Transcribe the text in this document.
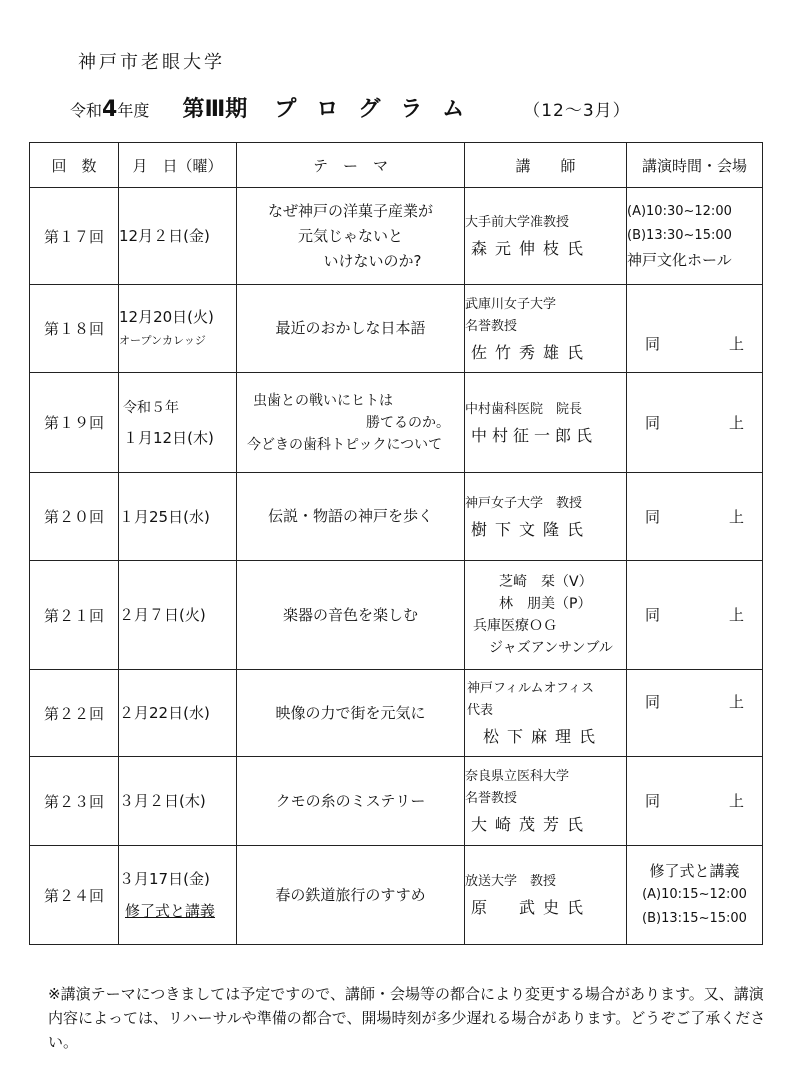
神戸市老眼大学
令和4年度 第Ⅲ期 プログラム （12～3月）
回　数	月　日（曜）	テ　ー　マ	講　　師	講演時間・会場
第１７回	12月２日(金)	なぜ神戸の洋菓子産業が
元気じゃないと
いけないのか?	大手前大学准教授
森元伸枝氏	(A)10:30~12:00
(B)13:30~15:00
神戸文化ホール

第１８回	12月20日(火)
オープンカレッジ	最近のおかしな日本語	武庫川女子大学
名誉教授
佐竹秀雄氏	同 上

第１９回	令和５年
１月12日(木)	虫歯との戦いにヒトは
勝てるのか。
今どきの歯科トピックについて	中村歯科医院　院長
中村征一郎氏	同 上

第２０回	１月25日(水)	伝説・物語の神戸を歩く	神戸女子大学　教授
樹下文隆氏	同 上

第２１回	２月７日(火)	楽器の音色を楽しむ	芝崎　栞（V）
林　朋美（P）
兵庫医療ＯＧ
ジャズアンサンブル	同 上

第２２回	２月22日(水)	映像の力で街を元気に	神戸フィルムオフィス
代表
松下麻理氏	同 上

第２３回	３月２日(木)	クモの糸のミステリー	奈良県立医科大学
名誉教授
大崎茂芳氏	同 上

第２４回	３月17日(金)
修了式と講義	春の鉄道旅行のすすめ	放送大学　教授
原　武史氏	修了式と講義
(A)10:15~12:00
(B)13:15~15:00
※講演テーマにつきましては予定ですので、講師・会場等の都合により変更する場合があります。又、講演内容によっては、リハーサルや準備の都合で、開場時刻が多少遅れる場合があります。どうぞご了承ください。
